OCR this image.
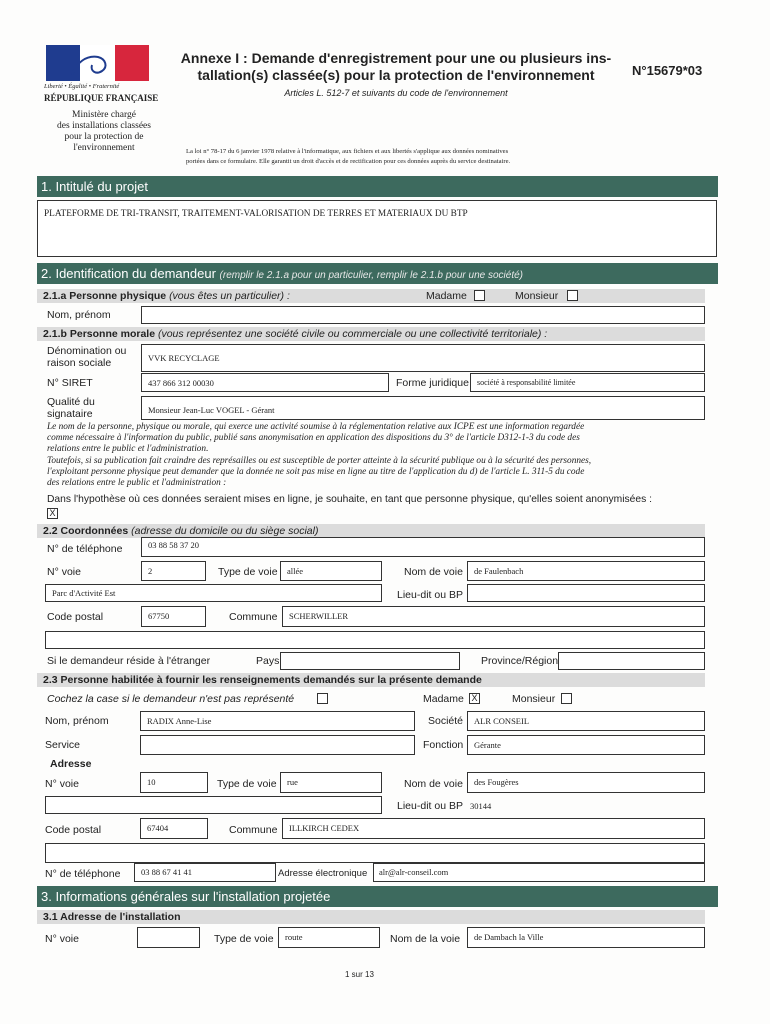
Liberté • Égalité • Fraternité
RÉPUBLIQUE FRANÇAISE
Ministère chargé
des installations classées
pour la protection de
l'environnement
Annexe I : Demande d'enregistrement pour une ou plusieurs ins-
tallation(s) classée(s) pour la protection de l'environnement	N°15679*03
Articles L. 512-7 et suivants du code de l'environnement
La loi n° 78-17 du 6 janvier 1978 relative à l'informatique, aux fichiers et aux libertés s'applique aux données nominatives
portées dans ce formulaire. Elle garantit un droit d'accès et de rectification pour ces données auprès du service destinataire.
1. Intitulé du projet
PLATEFORME DE TRI-TRANSIT, TRAITEMENT-VALORISATION DE TERRES ET MATERIAUX DU BTP
2. Identification du demandeur (remplir le 2.1.a pour un particulier, remplir le 2.1.b pour une société)
2.1.a Personne physique (vous êtes un particulier) :	Madame	Monsieur
Nom, prénom
2.1.b Personne morale (vous représentez une société civile ou commerciale ou une collectivité territoriale) :
Dénomination ou
raison sociale	VVK RECYCLAGE
N° SIRET	437 866 312 00030	Forme juridique société à responsabilité limitée
Qualité du
signataire	Monsieur Jean-Luc VOGEL - Gérant
Le nom de la personne, physique ou morale, qui exerce une activité soumise à la réglementation relative aux ICPE est une information regardée
comme nécessaire à l'information du public, publié sans anonymisation en application des dispositions du 3° de l'article D312-1-3 du code des
relations entre le public et l'administration.
Toutefois, si sa publication fait craindre des représailles ou est susceptible de porter atteinte à la sécurité publique ou à la sécurité des personnes,
l'exploitant personne physique peut demander que la donnée ne soit pas mise en ligne au titre de l'application du d) de l'article L. 311-5 du code
des relations entre le public et l'administration :
Dans l'hypothèse où ces données seraient mises en ligne, je souhaite, en tant que personne physique, qu'elles soient anonymisées :
X
2.2 Coordonnées (adresse du domicile ou du siège social)
N° de téléphone	03 88 58 37 20
N° voie	2	Type de voie allée	Nom de voie de Faulenbach
Parc d'Activité Est	Lieu-dit ou BP
Code postal	67750	Commune SCHERWILLER
Si le demandeur réside à l'étranger	Pays	Province/Région
2.3 Personne habilitée à fournir les renseignements demandés sur la présente demande
Cochez la case si le demandeur n'est pas représenté	Madame X	Monsieur
Nom, prénom	RADIX Anne-Lise	Société ALR CONSEIL
Service	Fonction Gérante
Adresse
N° voie	10	Type de voie rue	Nom de voie des Fougères
Lieu-dit ou BP 30144
Code postal	67404	Commune ILLKIRCH CEDEX
N° de téléphone 03 88 67 41 41	Adresse électronique alr@alr-conseil.com
3. Informations générales sur l'installation projetée
3.1 Adresse de l'installation
N° voie	Type de voie route	Nom de la voie de Dambach la Ville
1 sur 13
